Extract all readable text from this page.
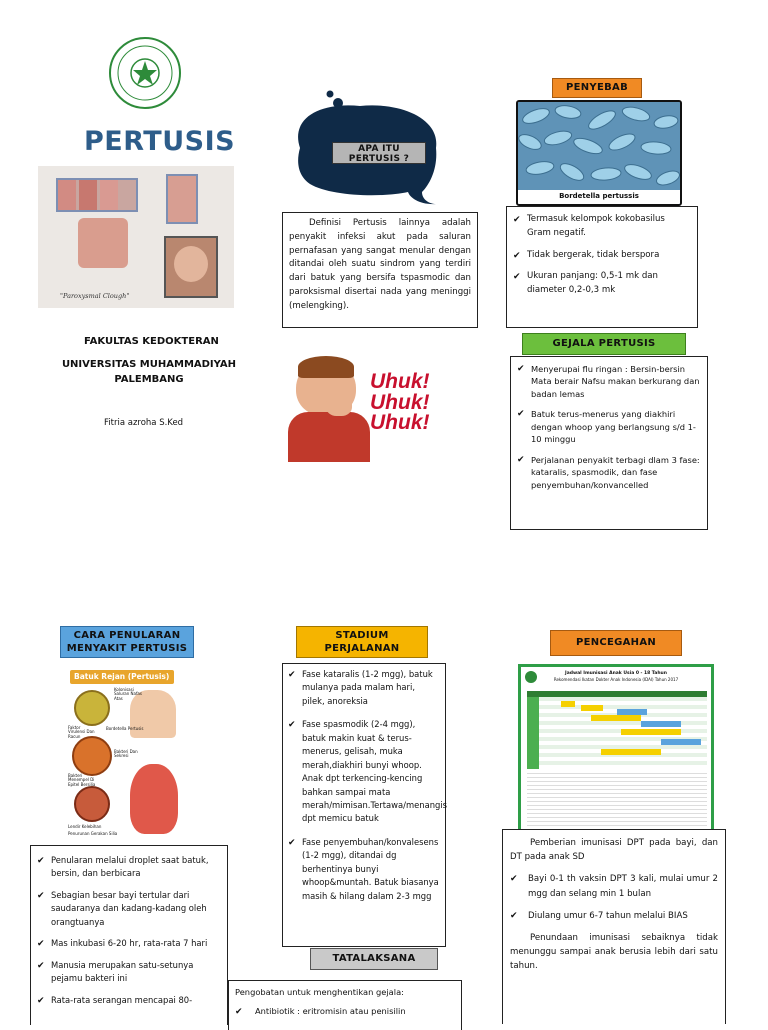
PERTUSIS
"Paroxysmal Clough"
FAKULTAS KEDOKTERAN
UNIVERSITAS MUHAMMADIYAH PALEMBANG
Fitria azroha S.Ked
APA ITU PERTUSIS ?
Definisi Pertusis lainnya adalah penyakit infeksi akut pada saluran pernafasan yang sangat menular dengan ditandai oleh suatu sindrom yang terdiri dari batuk yang bersifa tspasmodic dan paroksismal disertai nada yang meninggi (melengking).
Uhuk! Uhuk! Uhuk!
PENYEBAB
Bordetella pertussis
✔ Termasuk kelompok kokobasilus Gram negatif.
✔ Tidak bergerak, tidak berspora
✔ Ukuran panjang: 0,5-1 mk dan diameter 0,2-0,3 mk
GEJALA PERTUSIS
✔ Menyerupai flu ringan : Bersin-bersin Mata berair Nafsu makan berkurang dan badan lemas
✔ Batuk terus-menerus yang diakhiri dengan whoop yang berlangsung s/d 1-10 minggu
✔ Perjalanan penyakit terbagi dlam 3 fase: kataralis, spasmodik, dan fase penyembuhan/konvancelled
CARA PENULARAN MENYAKIT PERTUSIS
Batuk Rejan (Pertusis)
Kolonisasi Saluran Nafas Atas
Bordetella Pertusis
Faktor Virulensi Dan Racun
Bakteri Menempel Di Epitel Bersilia
Bakteri Dan Sekresi
Lendir Kelebihan
Penurunan Gerakan Silia
✔ Penularan melalui droplet saat batuk, bersin, dan berbicara
✔ Sebagian besar bayi tertular dari saudaranya dan kadang-kadang oleh orangtuanya
✔ Mas inkubasi 6-20 hr, rata-rata 7 hari
✔ Manusia merupakan satu-setunya pejamu bakteri ini
✔ Rata-rata serangan mencapai 80-
STADIUM PERJALANAN
✔ Fase kataralis (1-2 mgg), batuk mulanya pada malam hari, pilek, anoreksia
✔ Fase spasmodik (2-4 mgg), batuk makin kuat & terus-menerus, gelisah, muka merah,diakhiri bunyi whoop. Anak dpt terkencing-kencing bahkan sampai mata merah/mimisan.Tertawa/menangis dpt memicu batuk
✔ Fase penyembuhan/konvalesens (1-2 mgg), ditandai dg berhentinya bunyi whoop&muntah. Batuk biasanya masih & hilang dalam 2-3 mgg
TATALAKSANA
Pengobatan untuk menghentikan gejala:
✔ Antibiotik : eritromisin atau penisilin
PENCEGAHAN
Jadwal Imunisasi Anak Usia 0 - 18 Tahun
Rekomendasi Ikatan Dokter Anak Indonesia (IDAI) Tahun 2017
Pemberian imunisasi DPT pada bayi, dan DT pada anak SD
✔ Bayi 0-1 th vaksin DPT 3 kali, mulai umur 2 mgg dan selang min 1 bulan
✔ Diulang umur 6-7 tahun melalui BIAS
Penundaan imunisasi sebaiknya tidak menunggu sampai anak berusia lebih dari satu tahun.
